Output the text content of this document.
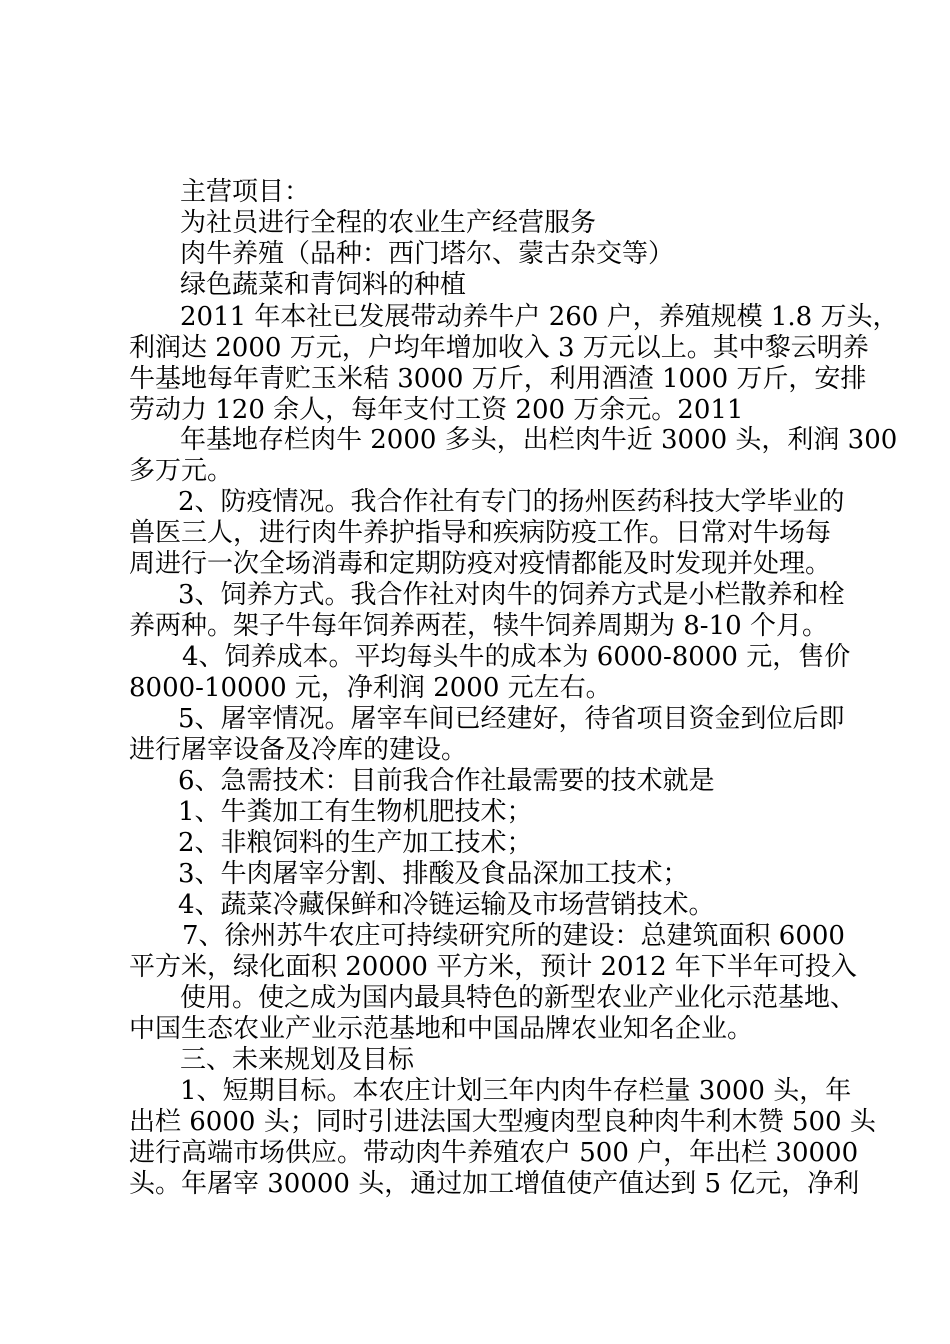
主营项目：
为社员进行全程的农业生产经营服务
肉牛养殖（品种：西门塔尔、蒙古杂交等）
绿色蔬菜和青饲料的种植
2011 年本社已发展带动养牛户 260 户，养殖规模 1.8 万头，
利润达 2000 万元，户均年增加收入 3 万元以上。其中黎云明养
牛基地每年青贮玉米秸 3000 万斤，利用酒渣 1000 万斤，安排
劳动力 120 余人，每年支付工资 200 万余元。2011
年基地存栏肉牛 2000 多头，出栏肉牛近 3000 头，利润 300
多万元。
2、防疫情况。我合作社有专门的扬州医药科技大学毕业的
兽医三人，进行肉牛养护指导和疾病防疫工作。日常对牛场每
周进行一次全场消毒和定期防疫对疫情都能及时发现并处理。
3、饲养方式。我合作社对肉牛的饲养方式是小栏散养和栓
养两种。架子牛每年饲养两茬，犊牛饲养周期为 8-10 个月。
4、饲养成本。平均每头牛的成本为 6000-8000 元，售价
8000-10000 元，净利润 2000 元左右。
5、屠宰情况。屠宰车间已经建好，待省项目资金到位后即
进行屠宰设备及冷库的建设。
6、急需技术：目前我合作社最需要的技术就是
1、牛粪加工有生物机肥技术；
2、非粮饲料的生产加工技术；
3、牛肉屠宰分割、排酸及食品深加工技术；
4、蔬菜冷藏保鲜和冷链运输及市场营销技术。
7、徐州苏牛农庄可持续研究所的建设：总建筑面积 6000
平方米，绿化面积 20000 平方米，预计 2012 年下半年可投入
使用。使之成为国内最具特色的新型农业产业化示范基地、
中国生态农业产业示范基地和中国品牌农业知名企业。
三、未来规划及目标
1、短期目标。本农庄计划三年内肉牛存栏量 3000 头，年
出栏 6000 头；同时引进法国大型瘦肉型良种肉牛利木赞 500 头
进行高端市场供应。带动肉牛养殖农户 500 户，年出栏 30000
头。年屠宰 30000 头，通过加工增值使产值达到 5 亿元，净利
